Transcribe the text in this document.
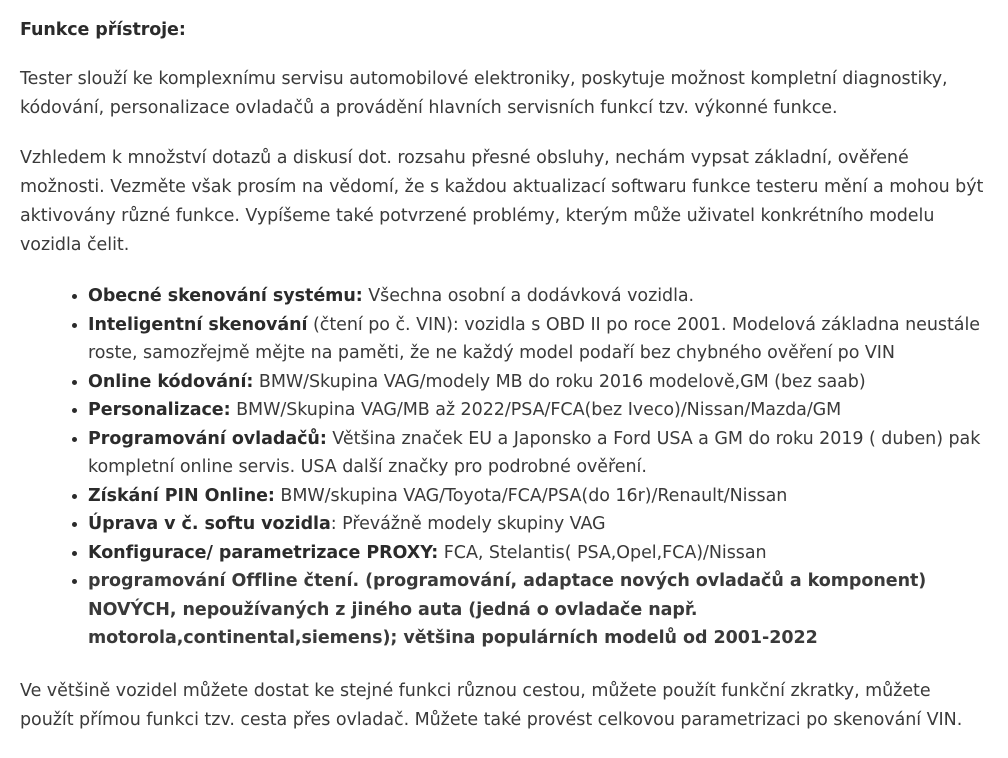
Funkce přístroje:

Tester slouží ke komplexnímu servisu automobilové elektroniky, poskytuje možnost kompletní diagnostiky, kódování, personalizace ovladačů a provádění hlavních servisních funkcí tzv. výkonné funkce.

Vzhledem k množství dotazů a diskusí dot. rozsahu přesné obsluhy, nechám vypsat základní, ověřené možnosti. Vezměte však prosím na vědomí, že s každou aktualizací softwaru funkce testeru mění a mohou být aktivovány různé funkce. Vypíšeme také potvrzené problémy, kterým může uživatel konkrétního modelu vozidla čelit.

Obecné skenování systému: Všechna osobní a dodávková vozidla.
Inteligentní skenování (čtení po č. VIN): vozidla s OBD II po roce 2001. Modelová základna neustále roste, samozřejmě mějte na paměti, že ne každý model podaří bez chybného ověření po VIN
Online kódování: BMW/Skupina VAG/modely MB do roku 2016 modelově,GM (bez saab)
Personalizace: BMW/Skupina VAG/MB až 2022/PSA/FCA(bez Iveco)/Nissan/Mazda/GM
Programování ovladačů: Většina značek EU a Japonsko a Ford USA a GM do roku 2019 ( duben) pak kompletní online servis. USA další značky pro podrobné ověření.
Získání PIN Online: BMW/skupina VAG/Toyota/FCA/PSA(do 16r)/Renault/Nissan
Úprava v č. softu vozidla: Převážně modely skupiny VAG
Konfigurace/ parametrizace PROXY: FCA, Stelantis( PSA,Opel,FCA)/Nissan
programování Offline čtení. (programování, adaptace nových ovladačů a komponent) NOVÝCH, nepoužívaných z jiného auta (jedná o ovladače např. motorola,continental,siemens); většina populárních modelů od 2001-2022

Ve většině vozidel můžete dostat ke stejné funkci různou cestou, můžete použít funkční zkratky, můžete použít přímou funkci tzv. cesta přes ovladač. Můžete také provést celkovou parametrizaci po skenování VIN.
